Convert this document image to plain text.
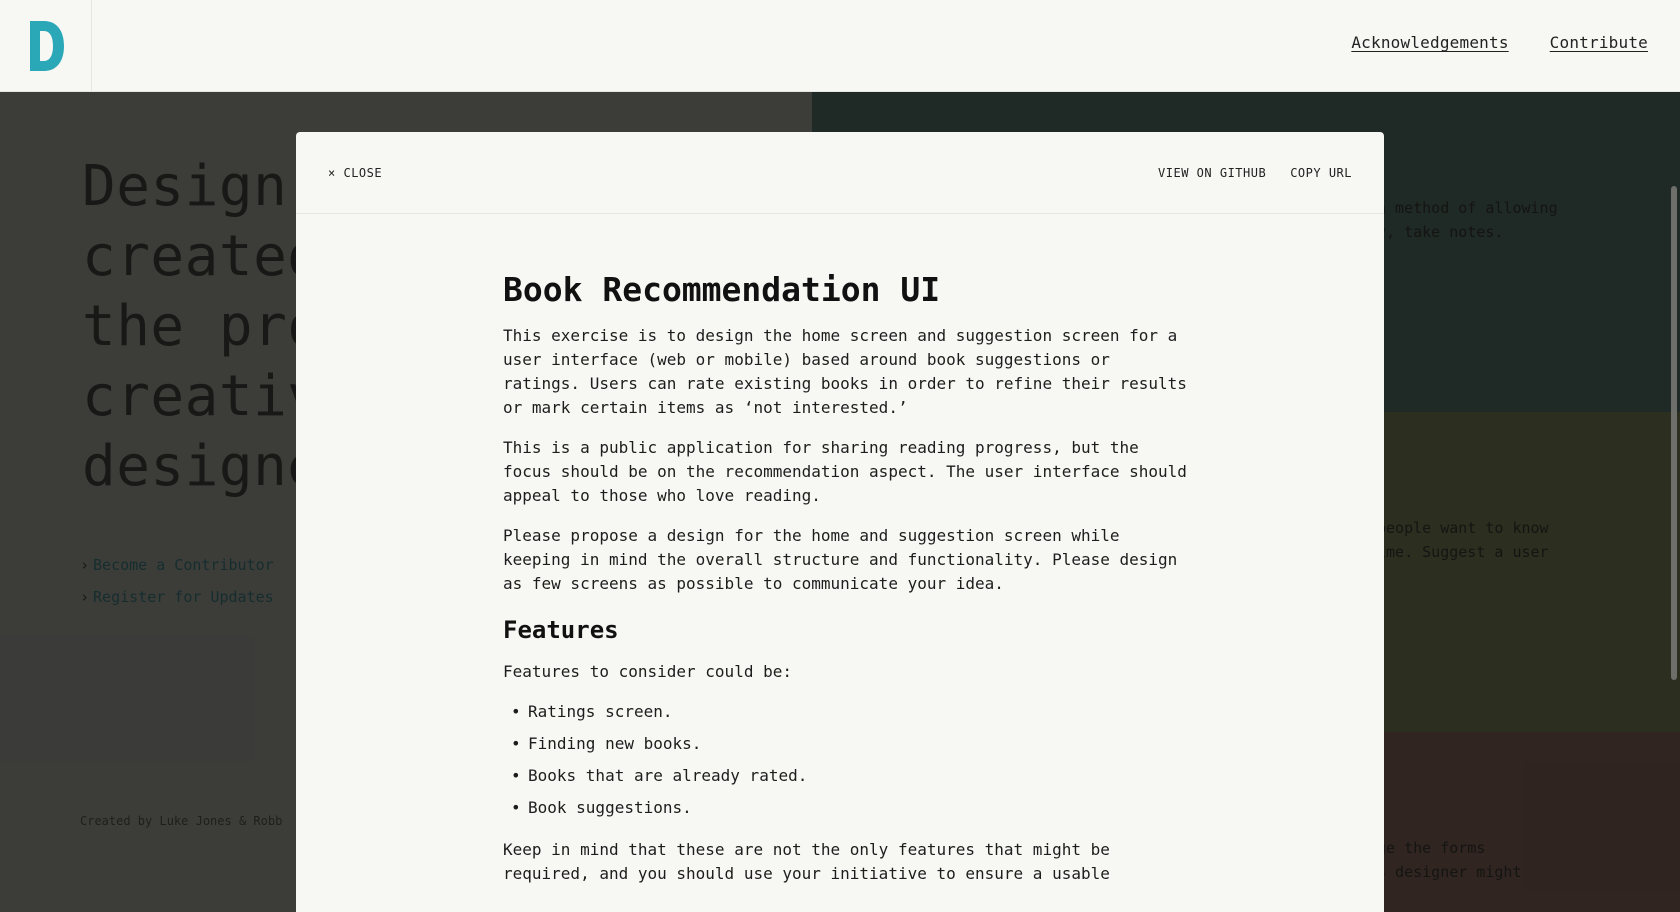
Acknowledgements	Contribute
× CLOSE	VIEW ON GITHUB COPY URL
Book Recommendation UI

This exercise is to design the home screen and suggestion screen for a user interface (web or mobile) based around book suggestions or ratings. Users can rate existing books in order to refine their results or mark certain items as ‘not interested.’

This is a public application for sharing reading progress, but the focus should be on the recommendation aspect. The user interface should appeal to those who love reading.

Please propose a design for the home and suggestion screen while keeping in mind the overall structure and functionality. Please design as few screens as possible to communicate your idea.

Features

Features to consider could be:

• Ratings screen.
• Finding new books.
• Books that are already rated.
• Book suggestions.

Keep in mind that these are not the only features that might be required, and you should use your initiative to ensure a usable
